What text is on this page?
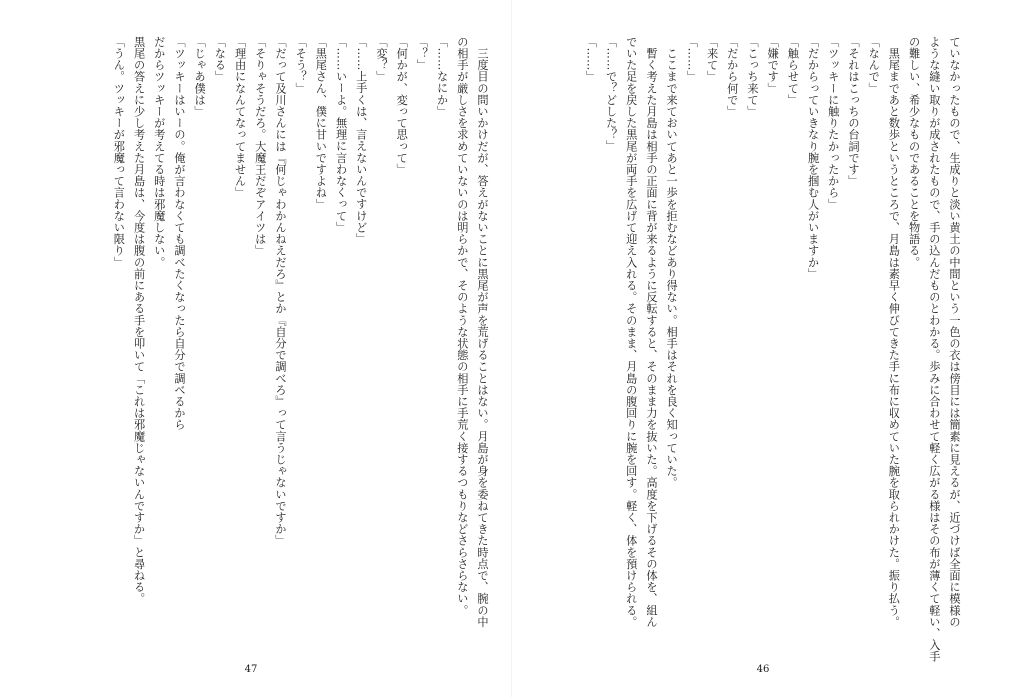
　三度目の問いかけだが、答えがないことに黒尾が声を荒げることはない。月島が身を委ねてきた時点で、腕の中
の相手が厳しさを求めていないのは明らかで、そのような状態の相手に手荒く接するつもりなどさらさらない。
「……なにか」
「？」
「何かが、変って思って」
「変？」
「……上手くは、言えないんですけど」
「……いーよ。無理に言わなくって」
「黒尾さん、僕に甘いですよね」
「そう？」
「だって及川さんには『何じゃわかんねえだろ』とか『自分で調べろ』って言うじゃないですか」
「そりゃそうだろ。大魔王だぞアイツは」
「理由になんてなってません」
「なる」
「じゃあ僕は」
「ツッキーはいーの。俺が言わなくても調べたくなったら自分で調べるから
だからツッキーが考えてる時は邪魔しない。
黒尾の答えに少し考えた月島は、今度は腹の前にある手を叩いて「これは邪魔じゃないんですか」と尋ねる。
「うん。ツッキーが邪魔って言わない限り」
47
ていなかったもので、生成りと淡い黄土の中間という一色の衣は傍目には簡素に見えるが、近づけば全面に模様の
ような縫い取りが成されたもので、手の込んだものとわかる。歩みに合わせて軽く広がる様はその布が薄くて軽い、入手
の難しい、希少なものであることを物語る。
　黒尾まであと数歩というところで、月島は素早く伸びてきた手に布に収めていた腕を取られかけた。振り払う。
「なんで」
「それはこっちの台詞です」
「ツッキーに触りたかったから」
「だからっていきなり腕を掴む人がいますか」
「触らせて」
「嫌です」
「こっち来て」
「だから何で」
「来て」
「……」
　ここまで来ておいてあと一歩を拒むなどあり得ない。相手はそれを良く知っていた。
　暫く考えた月島は相手の正面に背が来るように反転すると、そのまま力を抜いた。高度を下げるその体を、組ん
でいた足を戻した黒尾が両手を広げて迎え入れる。そのまま、月島の腹回りに腕を回す。軽く、体を預けられる。
「……で？どした？」
「……」
46
